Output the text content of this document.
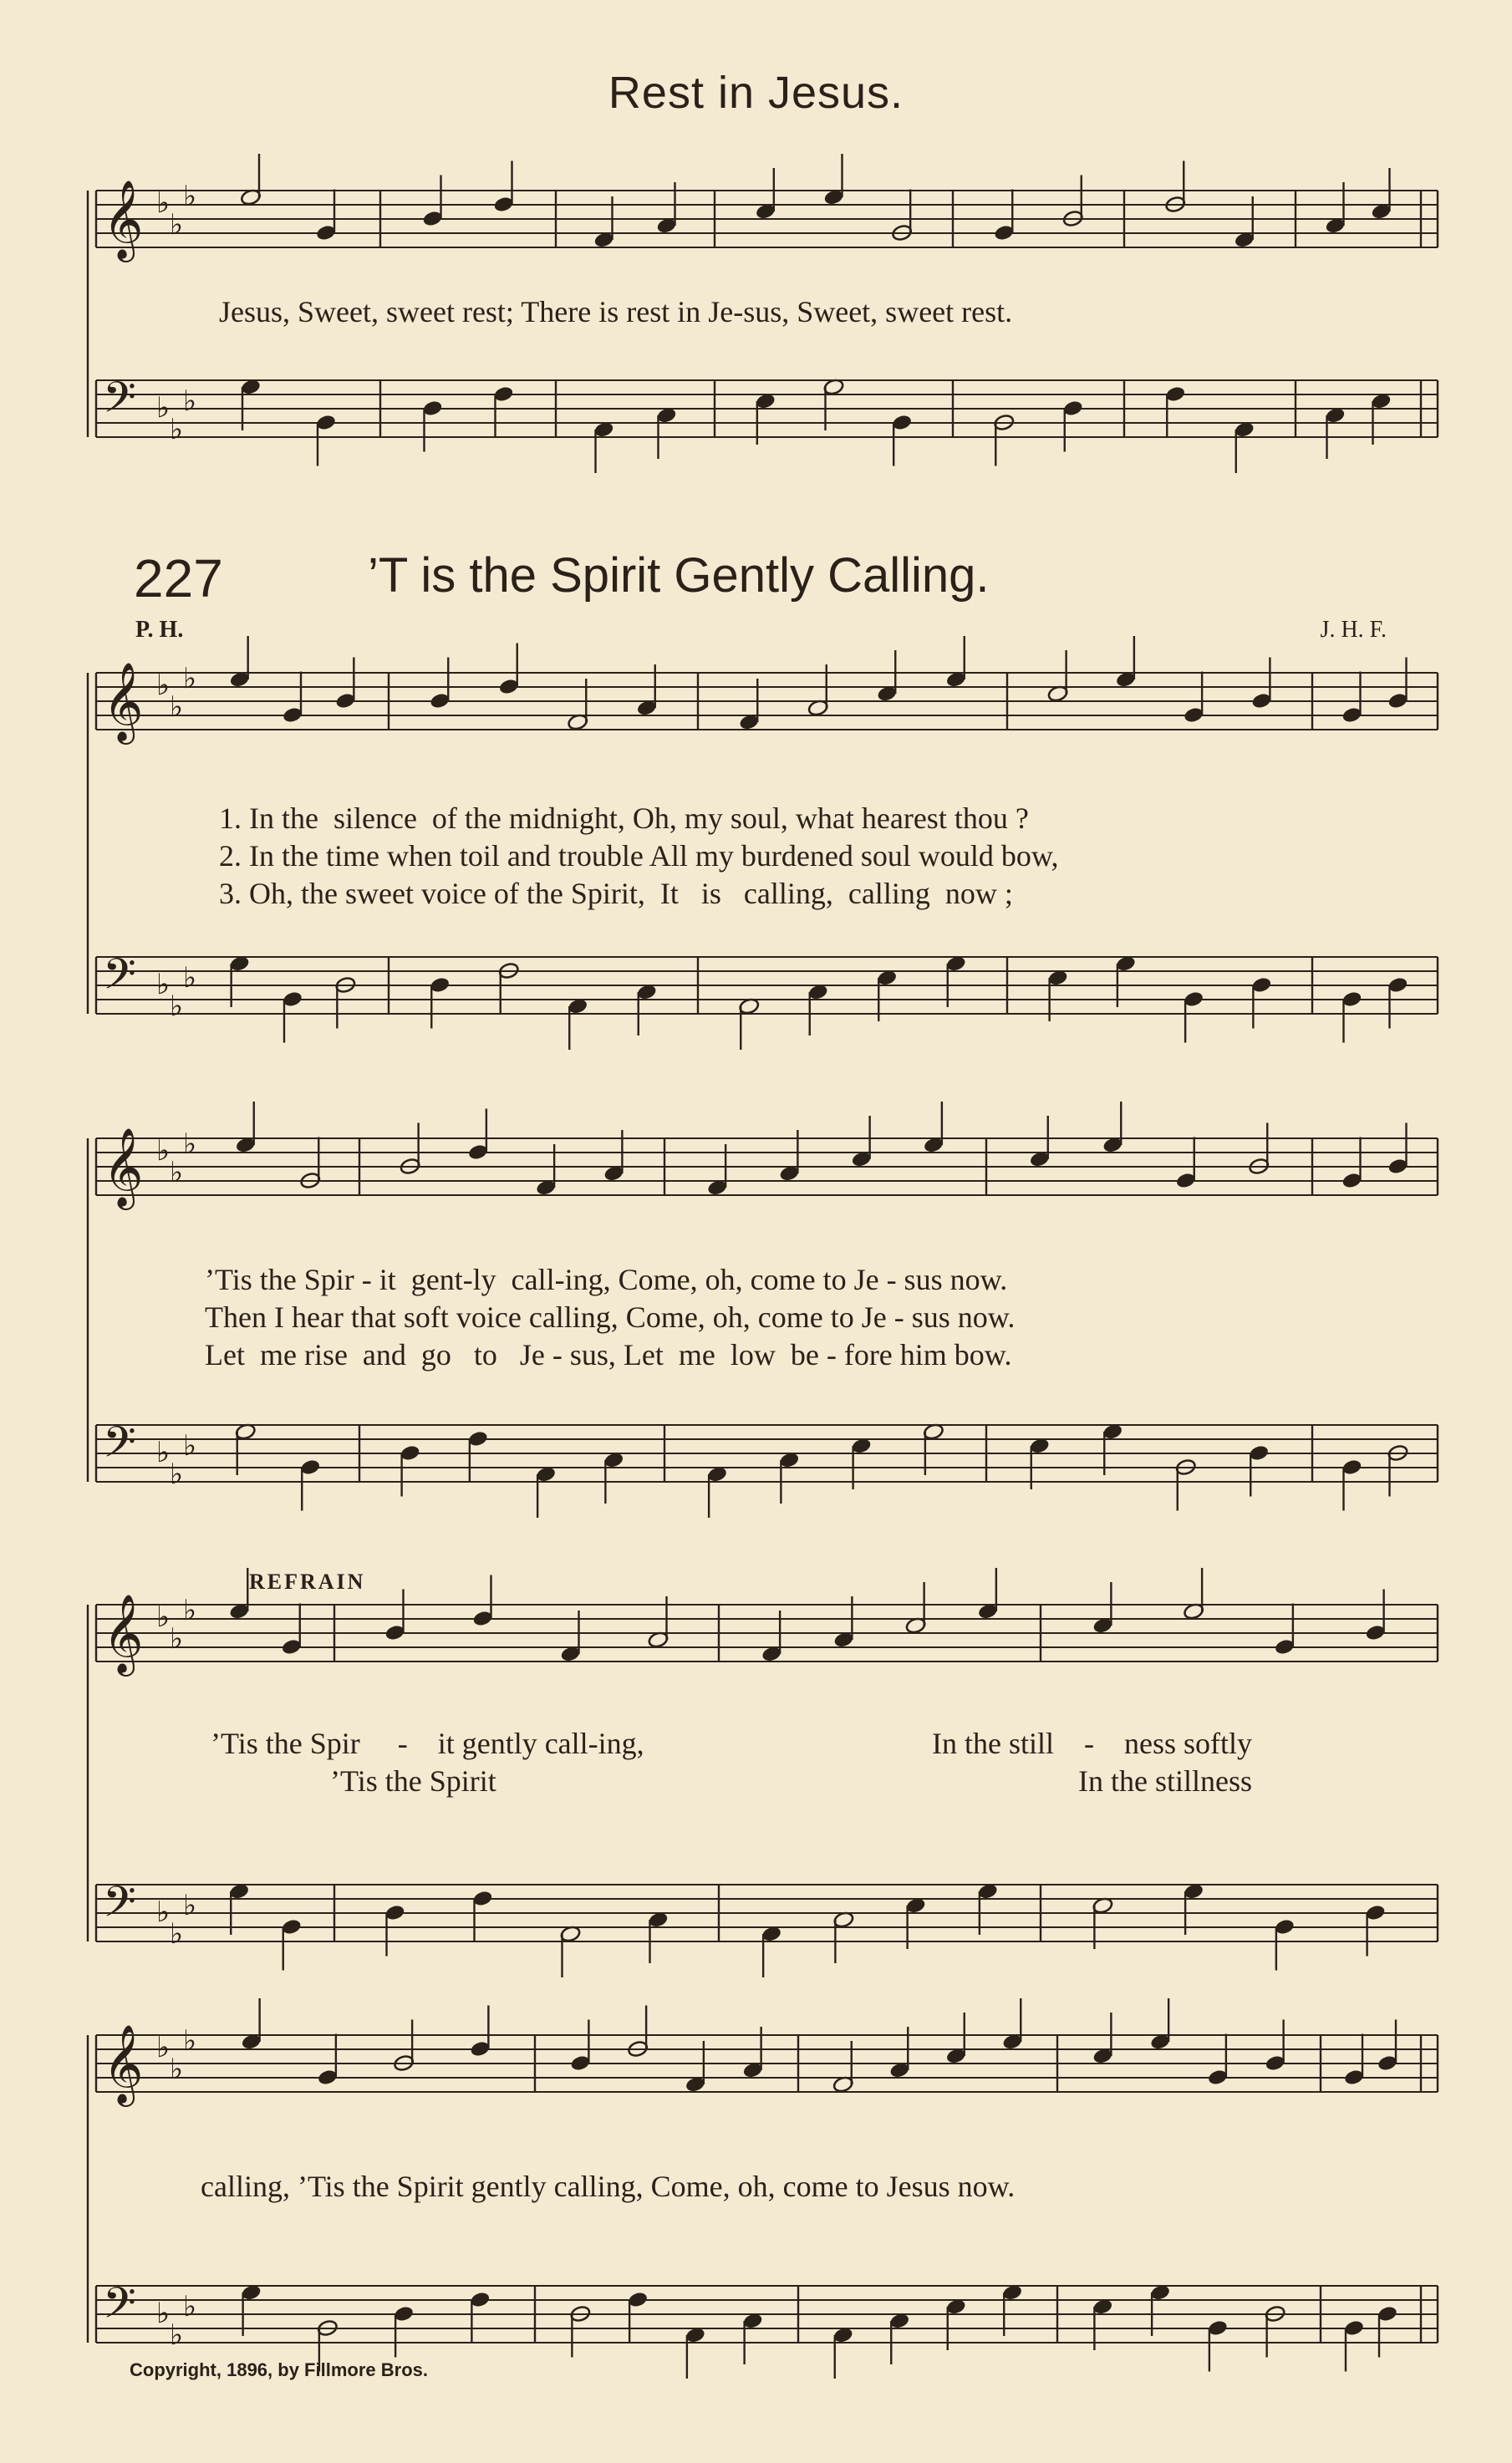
Rest in Jesus.
Jesus, Sweet, sweet rest; There is rest in Je-sus, Sweet, sweet rest.
227	’T is the Spirit Gently Calling.
P. H.	J. H. F.
1. In the  silence  of the midnight, Oh, my soul, what hearest thou ?
2. In the time when toil and trouble All my burdened soul would bow,
3. Oh, the sweet voice of the Spirit,  It   is   calling,  calling  now ;
’Tis the Spir - it  gent-ly  call-ing, Come, oh, come to Je - sus now.
Then I hear that soft voice calling, Come, oh, come to Je - sus now.
Let  me rise  and  go   to   Je - sus, Let  me  low  be - fore him bow.
REFRAIN
’Tis the Spir     -    it gently call-ing,	In the still    -    ness softly
’Tis the Spirit	In the stillness
calling, ’Tis the Spirit gently calling, Come, oh, come to Jesus now.
Copyright, 1896, by Fillmore Bros.
𝄞 ♭
♭
♭
𝄢 ♭
♭
♭
𝄞 ♭
♭
♭
𝄢 ♭
♭
♭
𝄞 ♭
♭
♭
𝄢 ♭
♭
♭
𝄞 ♭
♭
♭
𝄢 ♭
♭
♭
𝄞 ♭
♭
♭
𝄢 ♭
♭
♭
